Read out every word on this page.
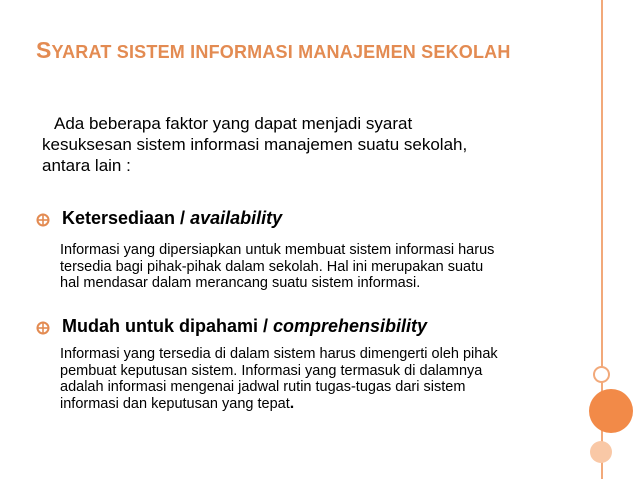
SYARAT SISTEM INFORMASI MANAJEMEN SEKOLAH

Ada beberapa faktor yang dapat menjadi syarat
kesuksesan sistem informasi manajemen suatu sekolah,
antara lain :

Ketersediaan / availability

Informasi yang dipersiapkan untuk membuat sistem informasi harus
tersedia bagi pihak-pihak dalam sekolah. Hal ini merupakan suatu
hal mendasar dalam merancang suatu sistem informasi.

Mudah untuk dipahami / comprehensibility

Informasi yang tersedia di dalam sistem harus dimengerti oleh pihak
pembuat keputusan sistem. Informasi yang termasuk di dalamnya
adalah informasi mengenai jadwal rutin tugas-tugas dari sistem
informasi dan keputusan yang tepat.
